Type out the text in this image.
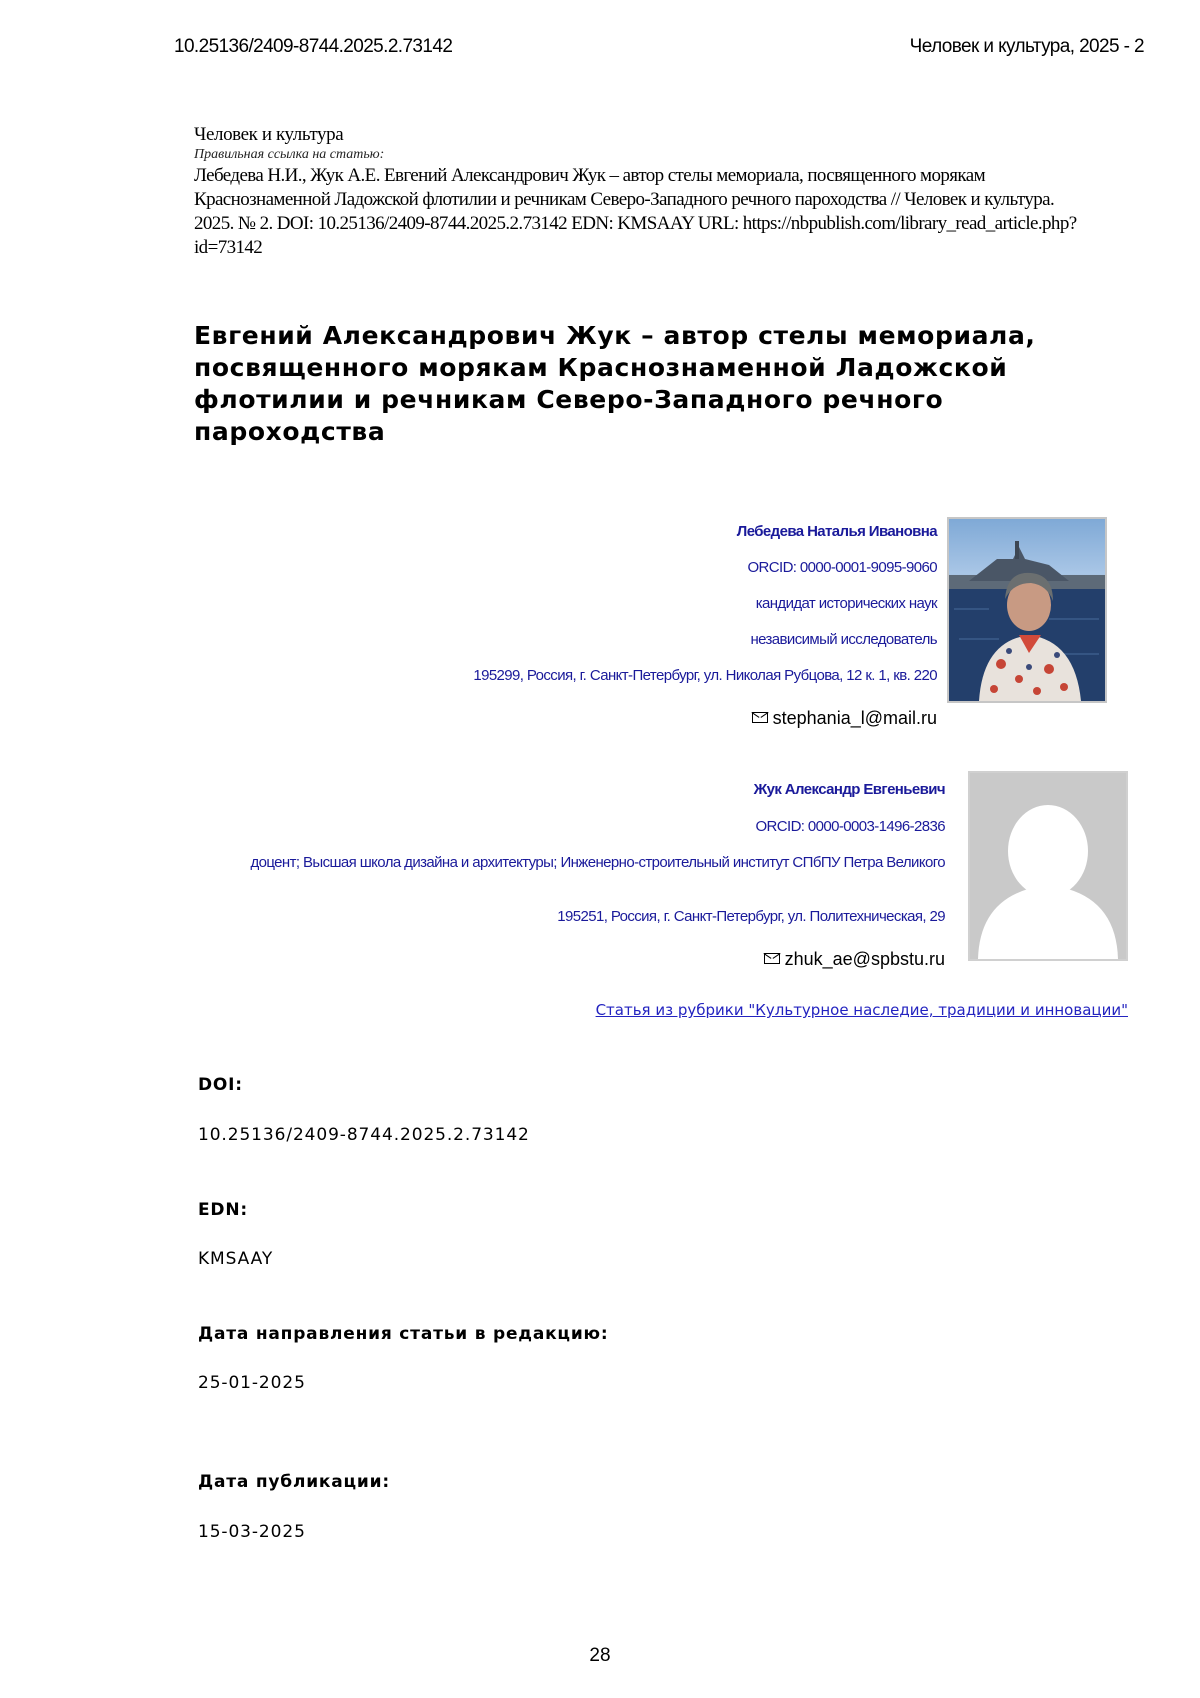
10.25136/2409-8744.2025.2.73142	Человек и культура, 2025 - 2
Человек и культура
Правильная ссылка на статью:
Лебедева Н.И., Жук А.Е. Евгений Александрович Жук – автор стелы мемориала, посвященного морякам Краснознаменной Ладожской флотилии и речникам Северо-Западного речного пароходства // Человек и культура. 2025. № 2. DOI: 10.25136/2409-8744.2025.2.73142 EDN: KMSAAY URL: https://nbpublish.com/library_read_article.php?id=73142
Евгений Александрович Жук – автор стелы мемориала, посвященного морякам Краснознаменной Ладожской флотилии и речникам Северо-Западного речного пароходства
Лебедева Наталья Ивановна
ORCID: 0000-0001-9095-9060
кандидат исторических наук
независимый исследователь
195299, Россия, г. Санкт-Петербург, ул. Николая Рубцова, 12 к. 1, кв. 220
stephania_l@mail.ru
Жук Александр Евгеньевич
ORCID: 0000-0003-1496-2836
доцент; Высшая школа дизайна и архитектуры; Инженерно-строительный институт СПбПУ Петра Великого
195251, Россия, г. Санкт-Петербург, ул. Политехническая, 29
zhuk_ae@spbstu.ru
Статья из рубрики "Культурное наследие, традиции и инновации"
DOI:
10.25136/2409-8744.2025.2.73142
EDN:
KMSAAY
Дата направления статьи в редакцию:
25-01-2025
Дата публикации:
15-03-2025
28
